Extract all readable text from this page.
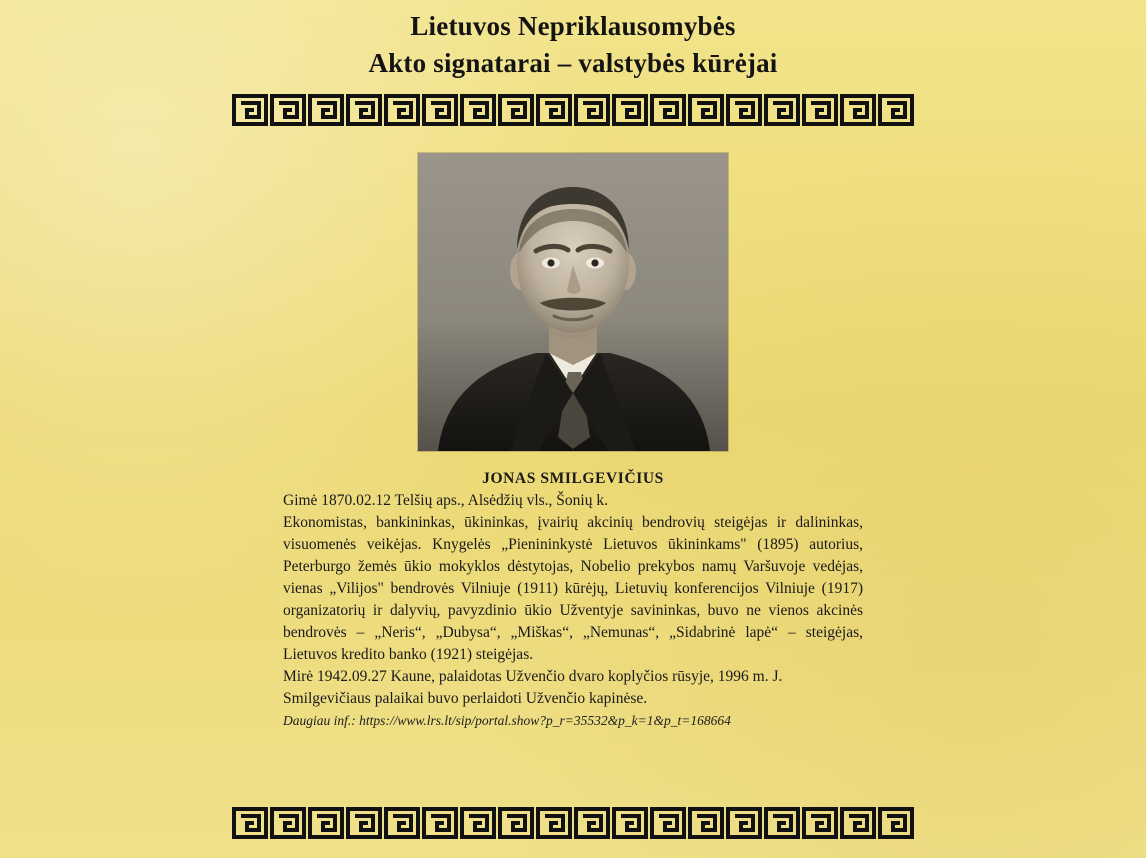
Lietuvos Nepriklausomybės
Akto signatarai – valstybės kūrėjai
JONAS SMILGEVIČIUS
Gimė 1870.02.12 Telšių aps., Alsėdžių vls., Šonių k.
Ekonomistas, bankininkas, ūkininkas, įvairių akcinių bendrovių steigėjas ir dalininkas, visuomenės veikėjas. Knygelės „Pienininkystė Lietuvos ūkininkams" (1895) autorius, Peterburgo žemės ūkio mokyklos dėstytojas, Nobelio prekybos namų Varšuvoje vedėjas, vienas „Vilijos" bendrovės Vilniuje (1911) kūrėjų, Lietuvių konferencijos Vilniuje (1917) organizatorių ir dalyvių, pavyzdinio ūkio Užventyje savininkas, buvo ne vienos akcinės bendrovės – „Neris“, „Dubysa“, „Miškas“, „Nemunas“, „Sidabrinė lapė“ – steigėjas, Lietuvos kredito banko (1921) steigėjas.
Mirė 1942.09.27 Kaune, palaidotas Užvenčio dvaro koplyčios rūsyje, 1996 m. J. Smilgevičiaus palaikai buvo perlaidoti Užvenčio kapinėse.
Daugiau inf.: https://www.lrs.lt/sip/portal.show?p_r=35532&p_k=1&p_t=168664
